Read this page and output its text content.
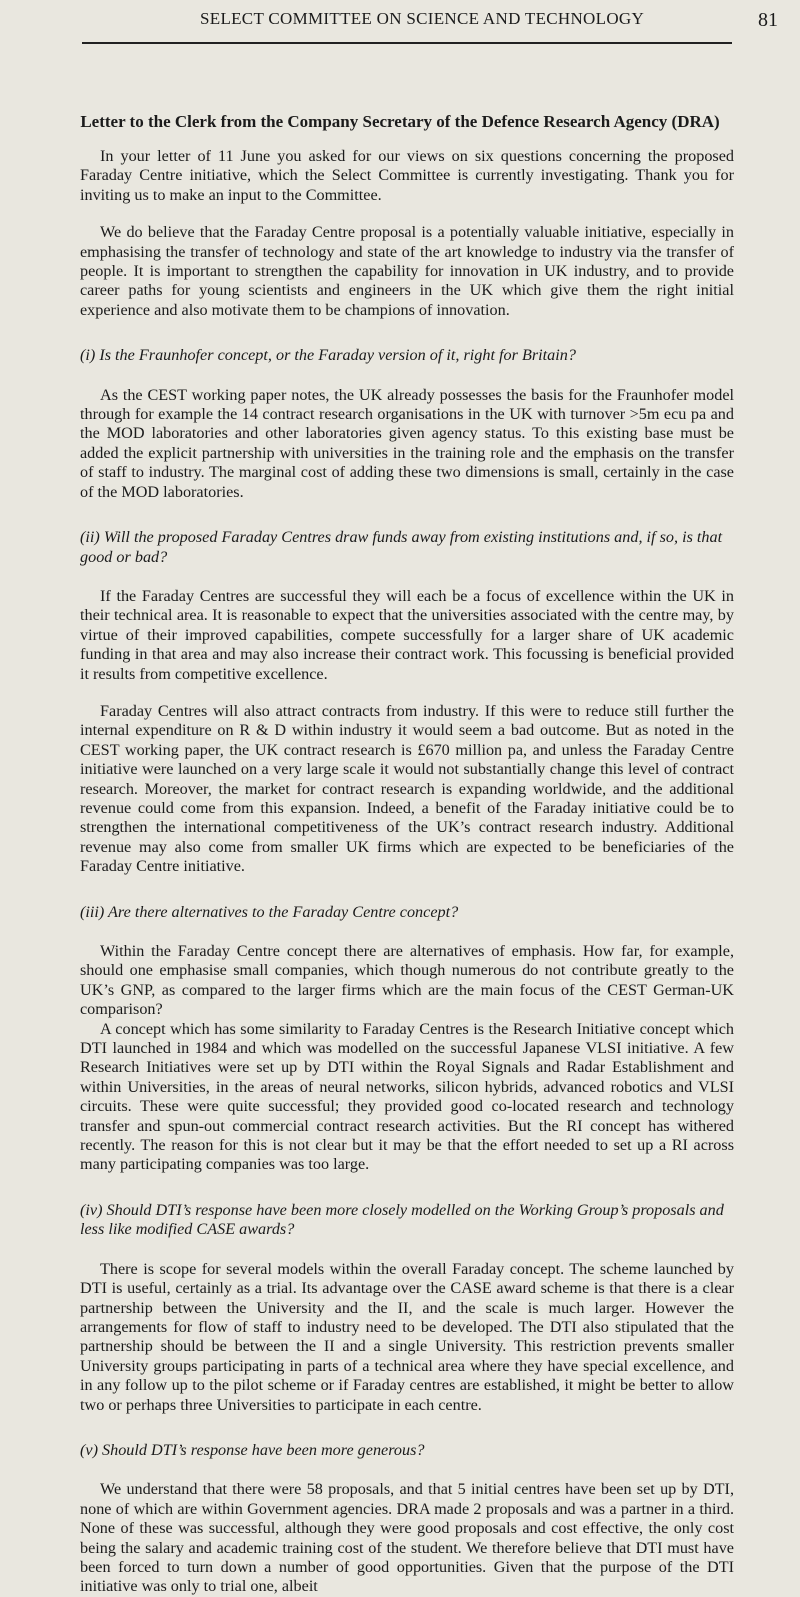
SELECT COMMITTEE ON SCIENCE AND TECHNOLOGY	81
Letter to the Clerk from the Company Secretary of the Defence Research Agency (DRA)

In your letter of 11 June you asked for our views on six questions concerning the proposed Faraday Centre initiative, which the Select Committee is currently investigating. Thank you for inviting us to make an input to the Committee.

We do believe that the Faraday Centre proposal is a potentially valuable initiative, especially in emphasising the transfer of technology and state of the art knowledge to industry via the transfer of people. It is important to strengthen the capability for innovation in UK industry, and to provide career paths for young scientists and engineers in the UK which give them the right initial experience and also motivate them to be champions of innovation.

(i) Is the Fraunhofer concept, or the Faraday version of it, right for Britain?

As the CEST working paper notes, the UK already possesses the basis for the Fraunhofer model through for example the 14 contract research organisations in the UK with turnover >5m ecu pa and the MOD laboratories and other laboratories given agency status. To this existing base must be added the explicit partnership with universities in the training role and the emphasis on the transfer of staff to industry. The marginal cost of adding these two dimensions is small, certainly in the case of the MOD laboratories.

(ii) Will the proposed Faraday Centres draw funds away from existing institutions and, if so, is that good or bad?

If the Faraday Centres are successful they will each be a focus of excellence within the UK in their technical area. It is reasonable to expect that the universities associated with the centre may, by virtue of their improved capabilities, compete successfully for a larger share of UK academic funding in that area and may also increase their contract work. This focussing is beneficial provided it results from competitive excellence.

Faraday Centres will also attract contracts from industry. If this were to reduce still further the internal expenditure on R & D within industry it would seem a bad outcome. But as noted in the CEST working paper, the UK contract research is £670 million pa, and unless the Faraday Centre initiative were launched on a very large scale it would not substantially change this level of contract research. Moreover, the market for contract research is expanding worldwide, and the additional revenue could come from this expansion. Indeed, a benefit of the Faraday initiative could be to strengthen the international competitiveness of the UK’s contract research industry. Additional revenue may also come from smaller UK firms which are expected to be beneficiaries of the Faraday Centre initiative.

(iii) Are there alternatives to the Faraday Centre concept?

Within the Faraday Centre concept there are alternatives of emphasis. How far, for example, should one emphasise small companies, which though numerous do not contribute greatly to the UK’s GNP, as compared to the larger firms which are the main focus of the CEST German-UK comparison?

A concept which has some similarity to Faraday Centres is the Research Initiative concept which DTI launched in 1984 and which was modelled on the successful Japanese VLSI initiative. A few Research Initiatives were set up by DTI within the Royal Signals and Radar Establishment and within Universities, in the areas of neural networks, silicon hybrids, advanced robotics and VLSI circuits. These were quite successful; they provided good co-located research and technology transfer and spun-out commercial contract research activities. But the RI concept has withered recently. The reason for this is not clear but it may be that the effort needed to set up a RI across many participating companies was too large.

(iv) Should DTI’s response have been more closely modelled on the Working Group’s proposals and less like modified CASE awards?

There is scope for several models within the overall Faraday concept. The scheme launched by DTI is useful, certainly as a trial. Its advantage over the CASE award scheme is that there is a clear partnership between the University and the II, and the scale is much larger. However the arrangements for flow of staff to industry need to be developed. The DTI also stipulated that the partnership should be between the II and a single University. This restriction prevents smaller University groups participating in parts of a technical area where they have special excellence, and in any follow up to the pilot scheme or if Faraday centres are established, it might be better to allow two or perhaps three Universities to participate in each centre.

(v) Should DTI’s response have been more generous?

We understand that there were 58 proposals, and that 5 initial centres have been set up by DTI, none of which are within Government agencies. DRA made 2 proposals and was a partner in a third. None of these was successful, although they were good proposals and cost effective, the only cost being the salary and academic training cost of the student. We therefore believe that DTI must have been forced to turn down a number of good opportunities. Given that the purpose of the DTI initiative was only to trial one, albeit
